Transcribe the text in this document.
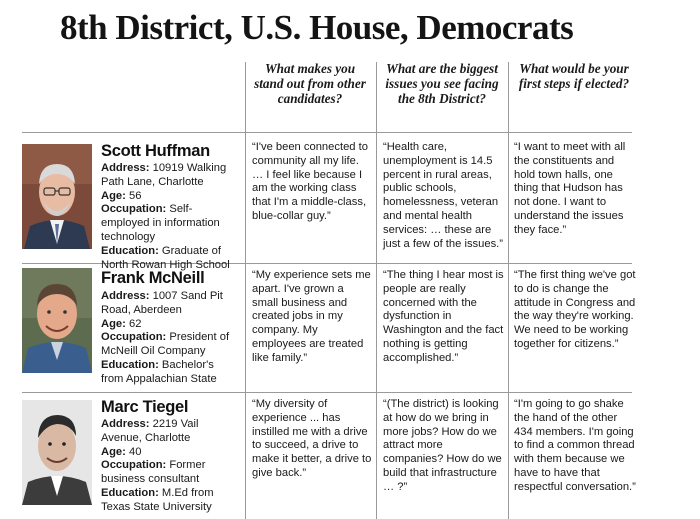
8th District, U.S. House, Democrats
What makes you stand out from other candidates?
What are the biggest issues you see facing the 8th District?
What would be your first steps if elected?
Scott Huffman
Address: 10919 Walking Path Lane, Charlotte
Age: 56
Occupation: Self-employed in information technology
Education: Graduate of North Rowan High School
“I've been connected to community all my life. … I feel like because I am the working class that I'm a middle-class, blue-collar guy.”
“Health care, unemployment is 14.5 percent in rural areas, public schools, homelessness, veteran and mental health services: … these are just a few of the issues.”
“I want to meet with all the constituents and hold town halls, one thing that Hudson has not done. I want to understand the issues they face.”
Frank McNeill
Address: 1007 Sand Pit Road, Aberdeen
Age: 62
Occupation: President of McNeill Oil Company
Education: Bachelor's from Appalachian State
“My experience sets me apart. I've grown a small business and created jobs in my company. My employees are treated like family.”
“The thing I hear most is people are really concerned with the dysfunction in Washington and the fact nothing is getting accomplished.”
“The first thing we've got to do is change the attitude in Congress and the way they're working. We need to be working together for citizens.”
Marc Tiegel
Address: 2219 Vail Avenue, Charlotte
Age: 40
Occupation: Former business consultant
Education: M.Ed from Texas State University
“My diversity of experience ... has instilled me with a drive to succeed, a drive to make it better, a drive to give back.”
“(The district) is looking at how do we bring in more jobs? How do we attract more companies? How do we build that infrastructure … ?”
“I'm going to go shake the hand of the other 434 members. I'm going to find a common thread with them because we have to have that respectful conversation.”
